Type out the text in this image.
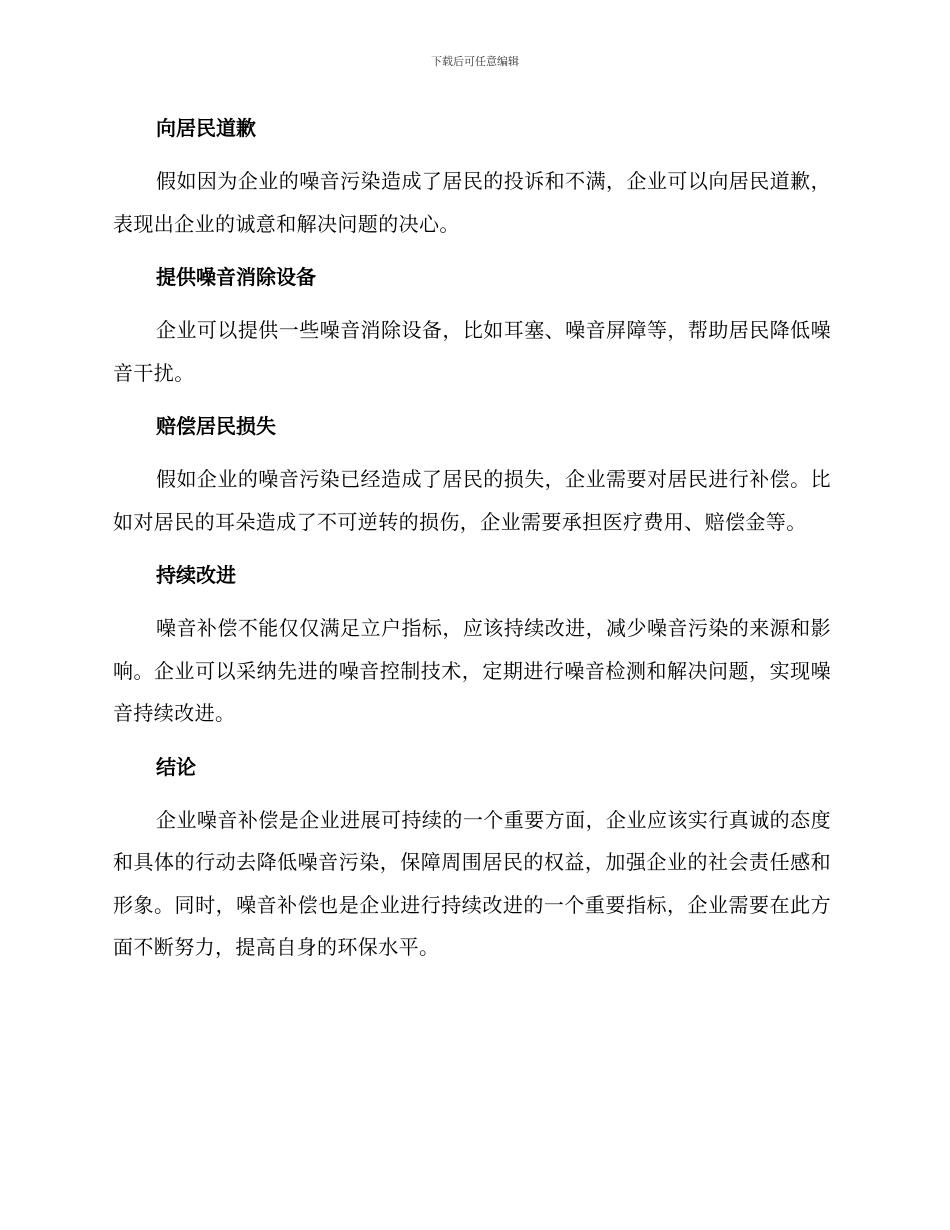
下载后可任意编辑
向居民道歉

假如因为企业的噪音污染造成了居民的投诉和不满，企业可以向居民道歉，表现出企业的诚意和解决问题的决心。

提供噪音消除设备

企业可以提供一些噪音消除设备，比如耳塞、噪音屏障等，帮助居民降低噪音干扰。

赔偿居民损失

假如企业的噪音污染已经造成了居民的损失，企业需要对居民进行补偿。比如对居民的耳朵造成了不可逆转的损伤，企业需要承担医疗费用、赔偿金等。

持续改进

噪音补偿不能仅仅满足立户指标，应该持续改进，减少噪音污染的来源和影响。企业可以采纳先进的噪音控制技术，定期进行噪音检测和解决问题，实现噪音持续改进。

结论

企业噪音补偿是企业进展可持续的一个重要方面，企业应该实行真诚的态度和具体的行动去降低噪音污染，保障周围居民的权益，加强企业的社会责任感和形象。同时，噪音补偿也是企业进行持续改进的一个重要指标，企业需要在此方面不断努力，提高自身的环保水平。
